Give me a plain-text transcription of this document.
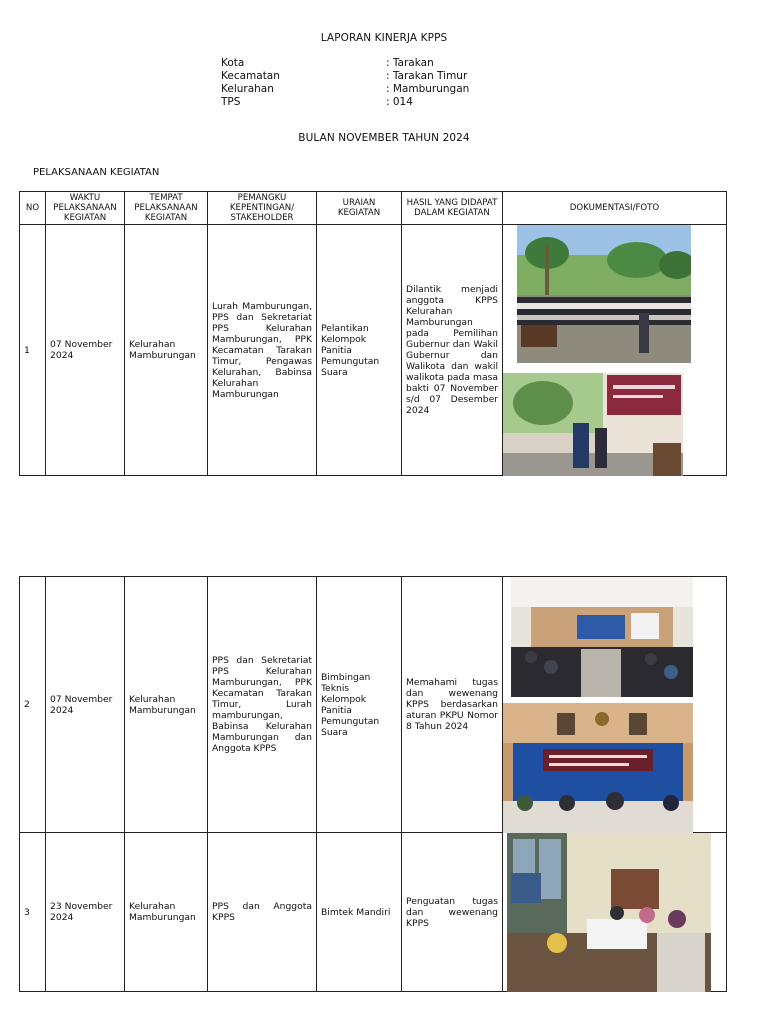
LAPORAN KINERJA KPPS
Kota	: Tarakan
Kecamatan	: Tarakan Timur
Kelurahan	: Mamburungan
TPS	: 014
BULAN NOVEMBER TAHUN 2024
PELAKSANAAN KEGIATAN
NO	WAKTU PELAKSANAAN KEGIATAN	TEMPAT PELAKSANAAN KEGIATAN	PEMANGKU KEPENTINGAN/ STAKEHOLDER	URAIAN KEGIATAN	HASIL YANG DIDAPAT DALAM KEGIATAN	DOKUMENTASI/FOTO
1	07 November 2024	Kelurahan Mamburungan	Lurah Mamburungan, PPS dan Sekretariat PPS Kelurahan Mamburungan, PPK Kecamatan Tarakan Timur, Pengawas Kelurahan, Babinsa Kelurahan Mamburungan	Pelantikan Kelompok Panitia Pemungutan Suara	Dilantik menjadi anggota KPPS Kelurahan Mamburungan pada Pemilihan Gubernur dan Wakil Gubernur dan Walikota dan wakil walikota pada masa bakti 07 November s/d 07 Desember 2024	
2	07 November 2024	Kelurahan Mamburungan	PPS dan Sekretariat PPS Kelurahan Mamburungan, PPK Kecamatan Tarakan Timur, Lurah mamburungan, Babinsa Kelurahan Mamburungan dan Anggota KPPS	Bimbingan Teknis Kelompok Panitia Pemungutan Suara	Memahami tugas dan wewenang KPPS berdasarkan aturan PKPU Nomor 8 Tahun 2024	

3	23 November 2024	Kelurahan Mamburungan	PPS dan Anggota KPPS	Bimtek Mandiri	Penguatan tugas dan wewenang KPPS	
